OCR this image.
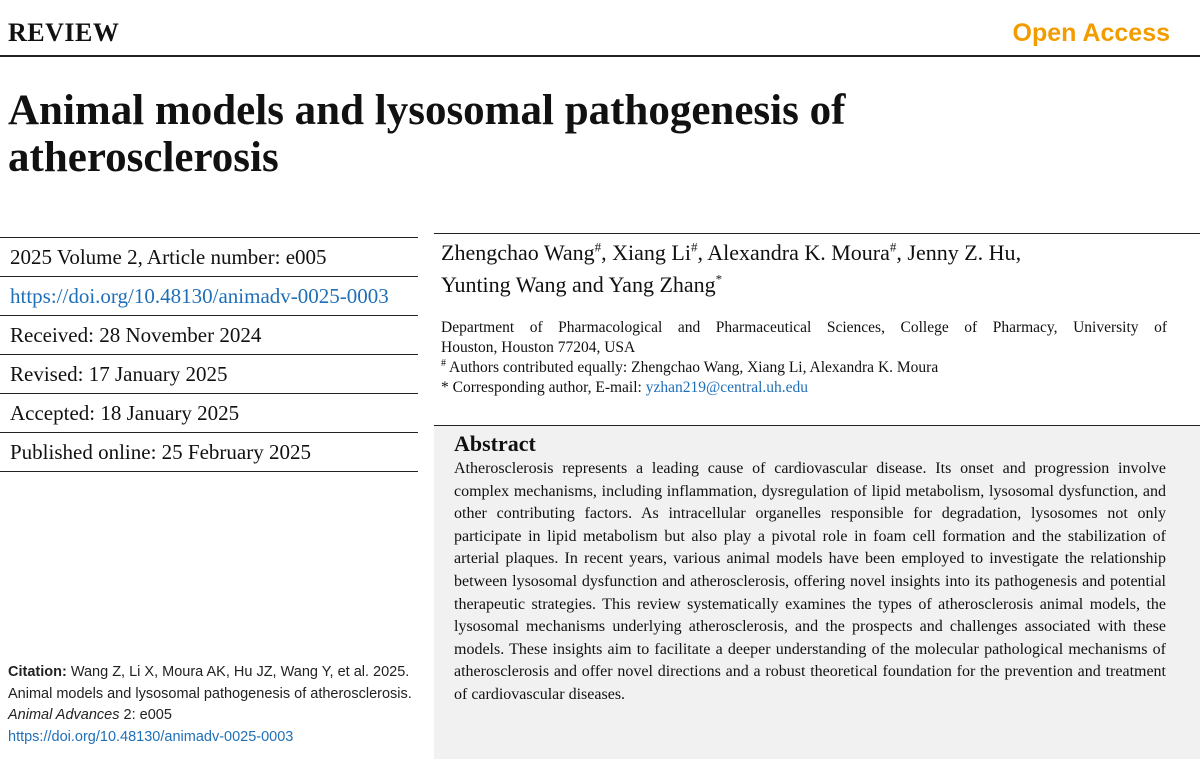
REVIEW	Open Access
Animal models and lysosomal pathogenesis of atherosclerosis
2025 Volume 2, Article number: e005
https://doi.org/10.48130/animadv-0025-0003
Received: 28 November 2024
Revised: 17 January 2025
Accepted: 18 January 2025
Published online: 25 February 2025
Zhengchao Wang#, Xiang Li#, Alexandra K. Moura#, Jenny Z. Hu,
Yunting Wang and Yang Zhang*
Department of Pharmacological and Pharmaceutical Sciences, College of Pharmacy, University of
Houston, Houston 77204, USA
# Authors contributed equally: Zhengchao Wang, Xiang Li, Alexandra K. Moura
* Corresponding author, E-mail: yzhan219@central.uh.edu
Abstract

Atherosclerosis represents a leading cause of cardiovascular disease. Its onset and progression involve complex mechanisms, including inflammation, dysregulation of lipid metabolism, lysosomal dysfunction, and other contributing factors. As intracellular organelles responsible for degradation, lysosomes not only participate in lipid metabolism but also play a pivotal role in foam cell formation and the stabilization of arterial plaques. In recent years, various animal models have been employed to investigate the relationship between lysosomal dysfunction and atherosclerosis, offering novel insights into its pathogenesis and potential therapeutic strategies. This review systematically examines the types of atherosclerosis animal models, the lysosomal mechanisms underlying atherosclerosis, and the prospects and challenges associated with these models. These insights aim to facilitate a deeper understanding of the molecular pathological mechanisms of atherosclerosis and offer novel directions and a robust theoretical foundation for the prevention and treatment of cardiovascular diseases.

Citation: Wang Z, Li X, Moura AK, Hu JZ, Wang Y, et al. 2025. Animal models and lysosomal pathogenesis of atherosclerosis. Animal Advances 2: e005
https://doi.org/10.48130/animadv-0025-0003
